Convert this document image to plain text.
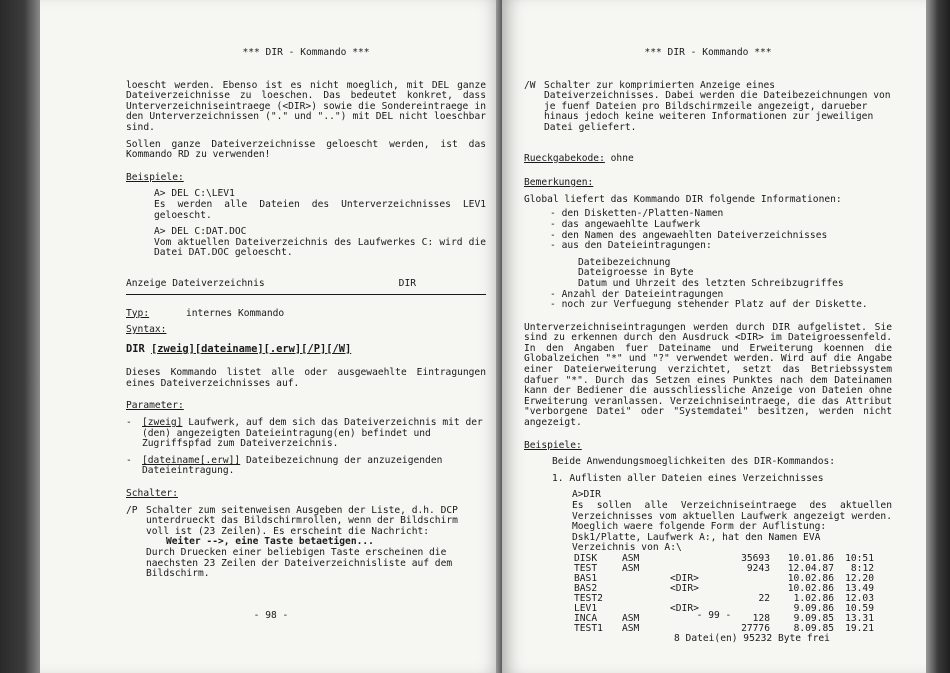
*** DIR - Kommando ***

loescht werden. Ebenso ist es nicht moeglich, mit DEL ganze Dateiverzeichnisse zu loeschen. Das bedeutet konkret, dass Unterverzeichniseintraege (<DIR>) sowie die Sondereintraege in den Unterverzeichnissen ("." und "..") mit DEL nicht loeschbar sind.

Sollen ganze Dateiverzeichnisse geloescht werden, ist das Kommando RD zu verwenden!

Beispiele:
A> DEL C:\LEV1

Es werden alle Dateien des Unterverzeichnisses LEV1 geloescht.

A> DEL C:DAT.DOC

Vom aktuellen Dateiverzeichnis des Laufwerkes C: wird die Datei DAT.DOC geloescht.

Anzeige Dateiverzeichnis	DIR
Typ:	internes Kommando
Syntax:
DIR [zweig][dateiname][.erw][/P][/W]

Dieses Kommando listet alle oder ausgewaehlte Eintragungen eines Dateiverzeichnisses auf.

Parameter:
-	[zweig] Laufwerk, auf dem sich das Dateiverzeichnis mit der (den) angezeigten Dateieintragung(en) befindet und Zugriffspfad zum Dateiverzeichnis.
-	[dateiname[.erw]] Dateibezeichnung der anzuzeigenden Dateieintragung.
Schalter:
/P Schalter zum seitenweisen Ausgeben der Liste, d.h. DCP unterdrueckt das Bildschirmrollen, wenn der Bildschirm voll ist (23 Zeilen). Es erscheint die Nachricht:
Weiter -->, eine Taste betaetigen...
Durch Druecken einer beliebigen Taste erscheinen die naechsten 23 Zeilen der Dateiverzeichnisliste auf dem Bildschirm.
- 98 -
*** DIR - Kommando ***
/W Schalter zur komprimierten Anzeige eines Dateiverzeichnisses. Dabei werden die Dateibezeichnungen von je fuenf Dateien pro Bildschirmzeile angezeigt, darueber hinaus jedoch keine weiteren Informationen zur jeweiligen Datei geliefert.
Rueckgabekode: ohne
Bemerkungen:
Global liefert das Kommando DIR folgende Informationen:
- den Disketten-/Platten-Namen
- das angewaehlte Laufwerk
- den Namen des angewaehlten Dateiverzeichnisses
- aus den Dateieintragungen:
Dateibezeichnung
Dateigroesse in Byte
Datum und Uhrzeit des letzten Schreibzugriffes
- Anzahl der Dateieintragungen
- noch zur Verfuegung stehender Platz auf der Diskette.

Unterverzeichniseintragungen werden durch DIR aufgelistet. Sie sind zu erkennen durch den Ausdruck <DIR> im Dateigroessenfeld. In den Angaben fuer Dateiname und Erweiterung koennen die Globalzeichen "*" und "?" verwendet werden. Wird auf die Angabe einer Dateierweiterung verzichtet, setzt das Betriebssystem dafuer "*". Durch das Setzen eines Punktes nach dem Dateinamen kann der Bediener die ausschliessliche Anzeige von Dateien ohne Erweiterung veranlassen. Verzeichniseintraege, die das Attribut "verborgene Datei" oder "Systemdatei" besitzen, werden nicht angezeigt.

Beispiele:
Beide Anwendungsmoeglichkeiten des DIR-Kommandos:
1. Auflisten aller Dateien eines Verzeichnisses
A>DIR

Es sollen alle Verzeichniseintraege des aktuellen Verzeichnisses vom aktuellen Laufwerk angezeigt werden. Moeglich waere folgende Form der Auflistung:

Dsk1/Platte, Laufwerk A:, hat den Namen EVA
Verzeichnis von A:\
DISK	ASM		35693	10.01.86	10:51
TEST	ASM		9243	12.04.87	8:12
BAS1		<DIR>		10.02.86	12.20
BAS2		<DIR>		10.02.86	13.49
TEST2			22	1.02.86	12.03
LEV1		<DIR>		9.09.86	10.59
INCA	ASM		128	9.09.85	13.31
TEST1	ASM		27776	8.09.85	19.21
8 Datei(en) 95232 Byte frei
- 99 -
